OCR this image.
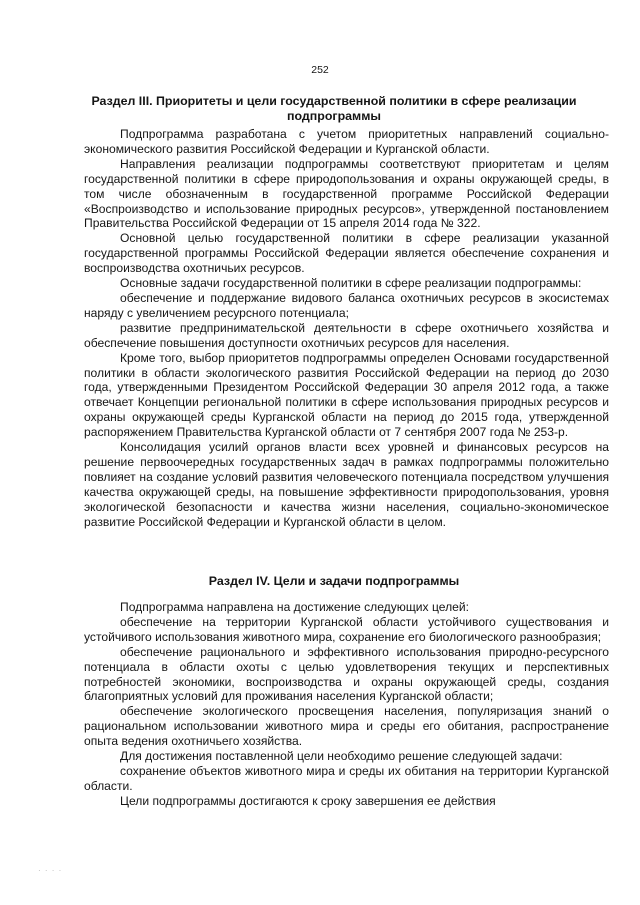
252
Раздел III. Приоритеты и цели государственной политики в сфере реализации
подпрограммы

Подпрограмма разработана с учетом приоритетных направлений социально-экономического развития Российской Федерации и Курганской области.

Направления реализации подпрограммы соответствуют приоритетам и целям государственной политики в сфере природопользования и охраны окружающей среды, в том числе обозначенным в государственной программе Российской Федерации «Воспроизводство и использование природных ресурсов», утвержденной постановлением Правительства Российской Федерации от 15 апреля 2014 года № 322.

Основной целью государственной политики в сфере реализации указанной государственной программы Российской Федерации является обеспечение сохранения и воспроизводства охотничьих ресурсов.

Основные задачи государственной политики в сфере реализации подпрограммы:

обеспечение и поддержание видового баланса охотничьих ресурсов в экосистемах наряду с увеличением ресурсного потенциала;

развитие предпринимательской деятельности в сфере охотничьего хозяйства и обеспечение повышения доступности охотничьих ресурсов для населения.

Кроме того, выбор приоритетов подпрограммы определен Основами государственной политики в области экологического развития Российской Федерации на период до 2030 года, утвержденными Президентом Российской Федерации 30 апреля 2012 года, а также отвечает Концепции региональной политики в сфере использования природных ресурсов и охраны окружающей среды Курганской области на период до 2015 года, утвержденной распоряжением Правительства Курганской области от 7 сентября 2007 года № 253-р.

Консолидация усилий органов власти всех уровней и финансовых ресурсов на решение первоочередных государственных задач в рамках подпрограммы положительно повлияет на создание условий развития человеческого потенциала посредством улучшения качества окружающей среды, на повышение эффективности природопользования, уровня экологической безопасности и качества жизни населения, социально-экономическое развитие Российской Федерации и Курганской области в целом.

Раздел IV. Цели и задачи подпрограммы

Подпрограмма направлена на достижение следующих целей:

обеспечение на территории Курганской области устойчивого существования и устойчивого использования животного мира, сохранение его биологического разнообразия;

обеспечение рационального и эффективного использования природно-ресурсного потенциала в области охоты с целью удовлетворения текущих и перспективных потребностей экономики, воспроизводства и охраны окружающей среды, создания благоприятных условий для проживания населения Курганской области;

обеспечение экологического просвещения населения, популяризация знаний о рациональном использовании животного мира и среды его обитания, распространение опыта ведения охотничьего хозяйства.

Для достижения поставленной цели необходимо решение следующей задачи:

сохранение объектов животного мира и среды их обитания на территории Курганской области.

Цели подпрограммы достигаются к сроку завершения ее действия

· · · ·
